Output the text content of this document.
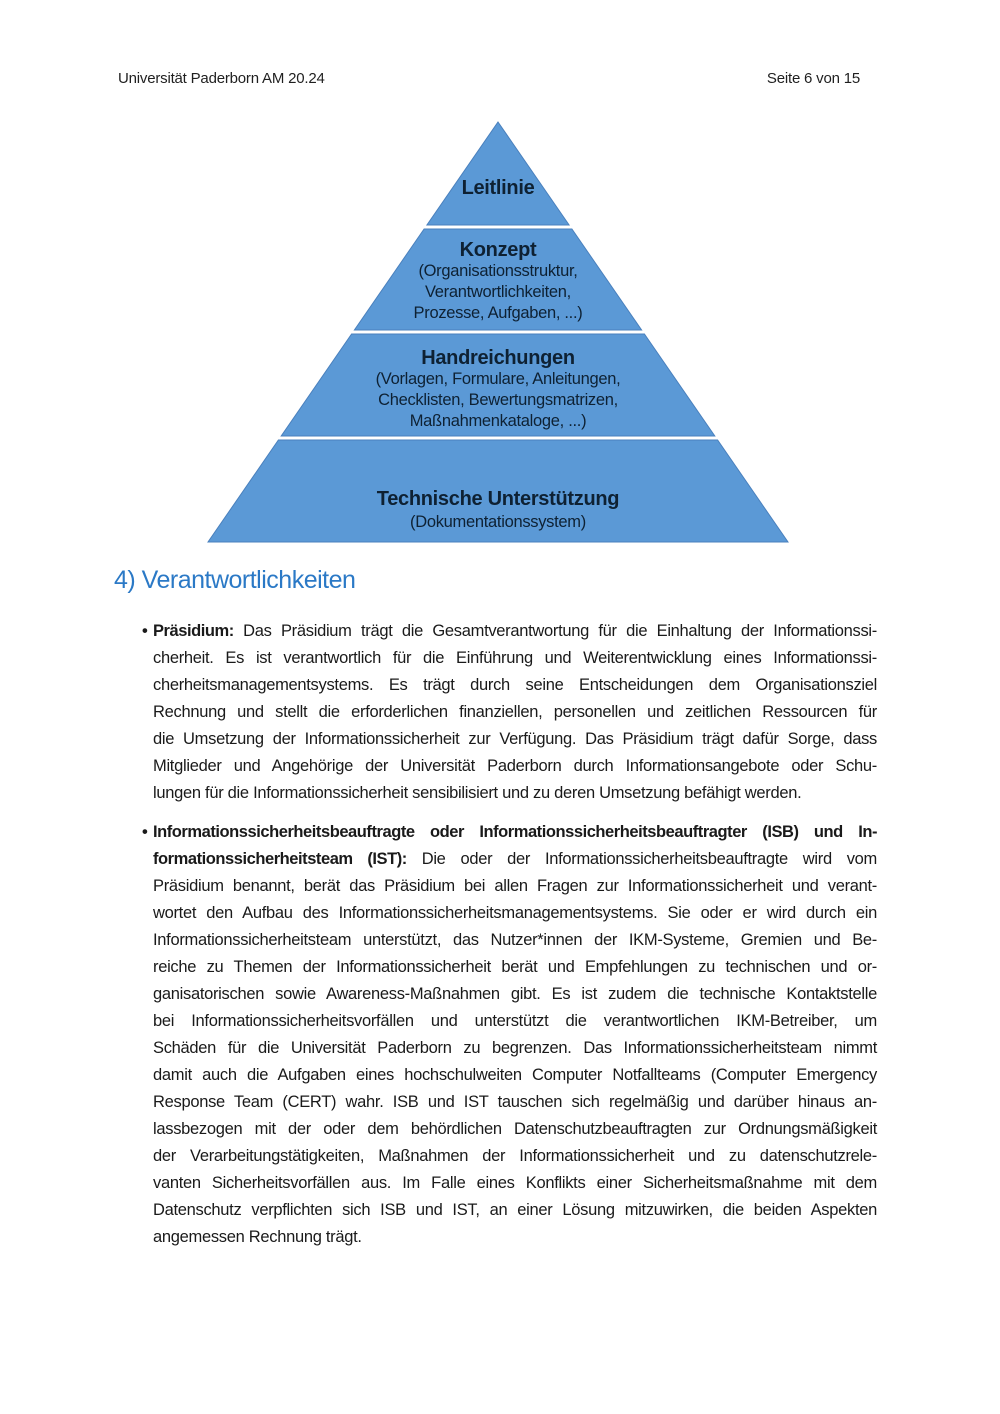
Universität Paderborn AM 20.24	Seite 6 von 15
Leitlinie
Konzept
(Organisationsstruktur,
Verantwortlichkeiten,
Prozesse, Aufgaben, ...)
Handreichungen
(Vorlagen, Formulare, Anleitungen,
Checklisten, Bewertungsmatrizen,
Maßnahmenkataloge, ...)
Technische Unterstützung
(Dokumentationssystem)
4) Verantwortlichkeiten
• Präsidium: Das Präsidium trägt die Gesamtverantwortung für die Einhaltung der Informationssi-
cherheit. Es ist verantwortlich für die Einführung und Weiterentwicklung eines Informationssi-
cherheitsmanagementsystems. Es trägt durch seine Entscheidungen dem Organisationsziel
Rechnung und stellt die erforderlichen finanziellen, personellen und zeitlichen Ressourcen für
die Umsetzung der Informationssicherheit zur Verfügung. Das Präsidium trägt dafür Sorge, dass
Mitglieder und Angehörige der Universität Paderborn durch Informationsangebote oder Schu-
lungen für die Informationssicherheit sensibilisiert und zu deren Umsetzung befähigt werden.
• Informationssicherheitsbeauftragte oder Informationssicherheitsbeauftragter (ISB) und In-
formationssicherheitsteam (IST): Die oder der Informationssicherheitsbeauftragte wird vom
Präsidium benannt, berät das Präsidium bei allen Fragen zur Informationssicherheit und verant-
wortet den Aufbau des Informationssicherheitsmanagementsystems. Sie oder er wird durch ein
Informationssicherheitsteam unterstützt, das Nutzer*innen der IKM-Systeme, Gremien und Be-
reiche zu Themen der Informationssicherheit berät und Empfehlungen zu technischen und or-
ganisatorischen sowie Awareness-Maßnahmen gibt. Es ist zudem die technische Kontaktstelle
bei Informationssicherheitsvorfällen und unterstützt die verantwortlichen IKM-Betreiber, um
Schäden für die Universität Paderborn zu begrenzen. Das Informationssicherheitsteam nimmt
damit auch die Aufgaben eines hochschulweiten Computer Notfallteams (Computer Emergency
Response Team (CERT) wahr. ISB und IST tauschen sich regelmäßig und darüber hinaus an-
lassbezogen mit der oder dem behördlichen Datenschutzbeauftragten zur Ordnungsmäßigkeit
der Verarbeitungstätigkeiten, Maßnahmen der Informationssicherheit und zu datenschutzrele-
vanten Sicherheitsvorfällen aus. Im Falle eines Konflikts einer Sicherheitsmaßnahme mit dem
Datenschutz verpflichten sich ISB und IST, an einer Lösung mitzuwirken, die beiden Aspekten
angemessen Rechnung trägt.
